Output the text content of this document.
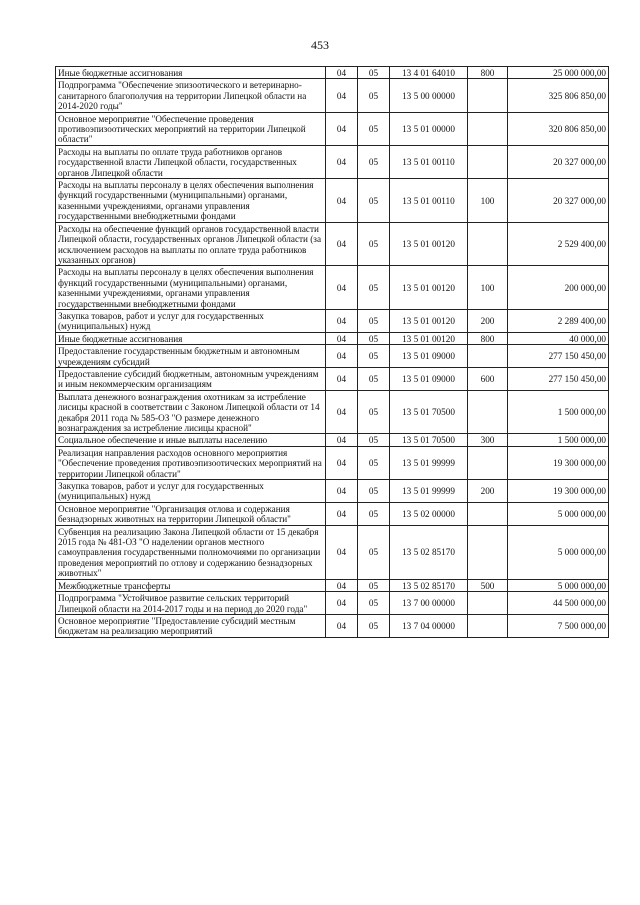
453
Иные бюджетные ассигнования	04	05	13 4 01 64010	800	25 000 000,00
Подпрограмма "Обеспечение эпизоотического и ветеринарно-санитарного благополучия на территории Липецкой области на 2014-2020 годы"	04	05	13 5 00 00000		325 806 850,00
Основное мероприятие "Обеспечение проведения противоэпизоотических мероприятий на территории Липецкой области"	04	05	13 5 01 00000		320 806 850,00
Расходы на выплаты по оплате труда работников органов государственной власти Липецкой области, государственных органов Липецкой области	04	05	13 5 01 00110		20 327 000,00
Расходы на выплаты персоналу в целях обеспечения выполнения функций государственными (муниципальными) органами, казенными учреждениями, органами управления государственными внебюджетными фондами	04	05	13 5 01 00110	100	20 327 000,00
Расходы на обеспечение функций органов государственной власти Липецкой области, государственных органов Липецкой области (за исключением расходов на выплаты по оплате труда работников указанных органов)	04	05	13 5 01 00120		2 529 400,00
Расходы на выплаты персоналу в целях обеспечения выполнения функций государственными (муниципальными) органами, казенными учреждениями, органами управления государственными внебюджетными фондами	04	05	13 5 01 00120	100	200 000,00
Закупка товаров, работ и услуг для государственных (муниципальных) нужд	04	05	13 5 01 00120	200	2 289 400,00
Иные бюджетные ассигнования	04	05	13 5 01 00120	800	40 000,00
Предоставление государственным бюджетным и автономным учреждениям субсидий	04	05	13 5 01 09000		277 150 450,00
Предоставление субсидий бюджетным, автономным учреждениям и иным некоммерческим организациям	04	05	13 5 01 09000	600	277 150 450,00
Выплата денежного вознаграждения охотникам за истребление лисицы красной в соответствии с Законом Липецкой области от 14 декабря 2011 года № 585-ОЗ "О размере денежного вознаграждения за истребление лисицы красной"	04	05	13 5 01 70500		1 500 000,00
Социальное обеспечение и иные выплаты населению	04	05	13 5 01 70500	300	1 500 000,00
Реализация направления расходов основного мероприятия "Обеспечение проведения противоэпизоотических мероприятий на территории Липецкой области"	04	05	13 5 01 99999		19 300 000,00
Закупка товаров, работ и услуг для государственных (муниципальных) нужд	04	05	13 5 01 99999	200	19 300 000,00
Основное мероприятие "Организация отлова и содержания безнадзорных животных на территории Липецкой области"	04	05	13 5 02 00000		5 000 000,00
Субвенция на реализацию Закона Липецкой области от 15 декабря 2015 года № 481-ОЗ "О наделении органов местного самоуправления государственными полномочиями по организации проведения мероприятий по отлову и содержанию безнадзорных животных"	04	05	13 5 02 85170		5 000 000,00
Межбюджетные трансферты	04	05	13 5 02 85170	500	5 000 000,00
Подпрограмма "Устойчивое развитие сельских территорий Липецкой области на 2014-2017 годы и на период до 2020 года"	04	05	13 7 00 00000		44 500 000,00
Основное мероприятие "Предоставление субсидий местным бюджетам на реализацию мероприятий	04	05	13 7 04 00000		7 500 000,00
